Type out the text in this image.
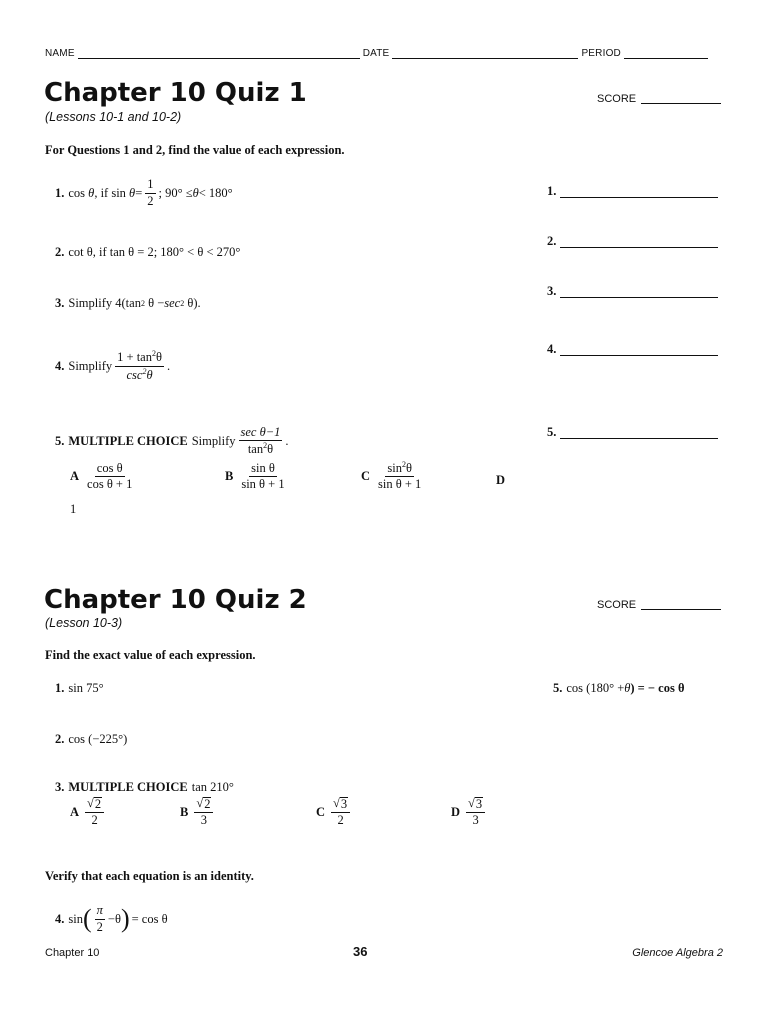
NAME	DATE	PERIOD
Chapter 10 Quiz 1
(Lessons 10-1 and 10-2)
SCORE
For Questions 1 and 2, find the value of each expression.
1. cos
θ , if sin
$\theta = \frac{1}{2}$ ; 90° ≤ θ < 180°
2. cot θ, if tan θ = 2; 180° < θ < 270°
3. Simplify 4(tan 2
θ − sec 2
θ).
4. Simplify $\frac{1 + \tan^2\theta}{\csc^2\theta}$ .
5. MULTIPLE CHOICE Simplify $\frac{\text{sec θ−1}}{\tan^2\theta}$ .
A $\frac{\text{cos θ}}{\text{cos θ + 1}}$	B $\frac{\text{sin θ}}{\text{sin θ + 1}}$	C $\frac{\sin^2\theta}{\text{sin θ + 1}}$	D
1
1.
2.
3.
4.
5.
Chapter 10 Quiz 2
(Lesson 10-3)
SCORE
Find the exact value of each expression.
1. sin 75°	5. cos (180° + θ ) = − cos θ
2. cos (−225°)
3. MULTIPLE CHOICE tan 210°
A $\frac{√ 2}{2}$	B $\frac{√ 2}{3}$	C $\frac{√ 3}{2}$	D $\frac{√ 3}{3}$
Verify that each equation is an identity.
4. sin ( $\frac{\pi}{2} -\theta$ ) = cos θ
Chapter 10	36	Glencoe Algebra 2
